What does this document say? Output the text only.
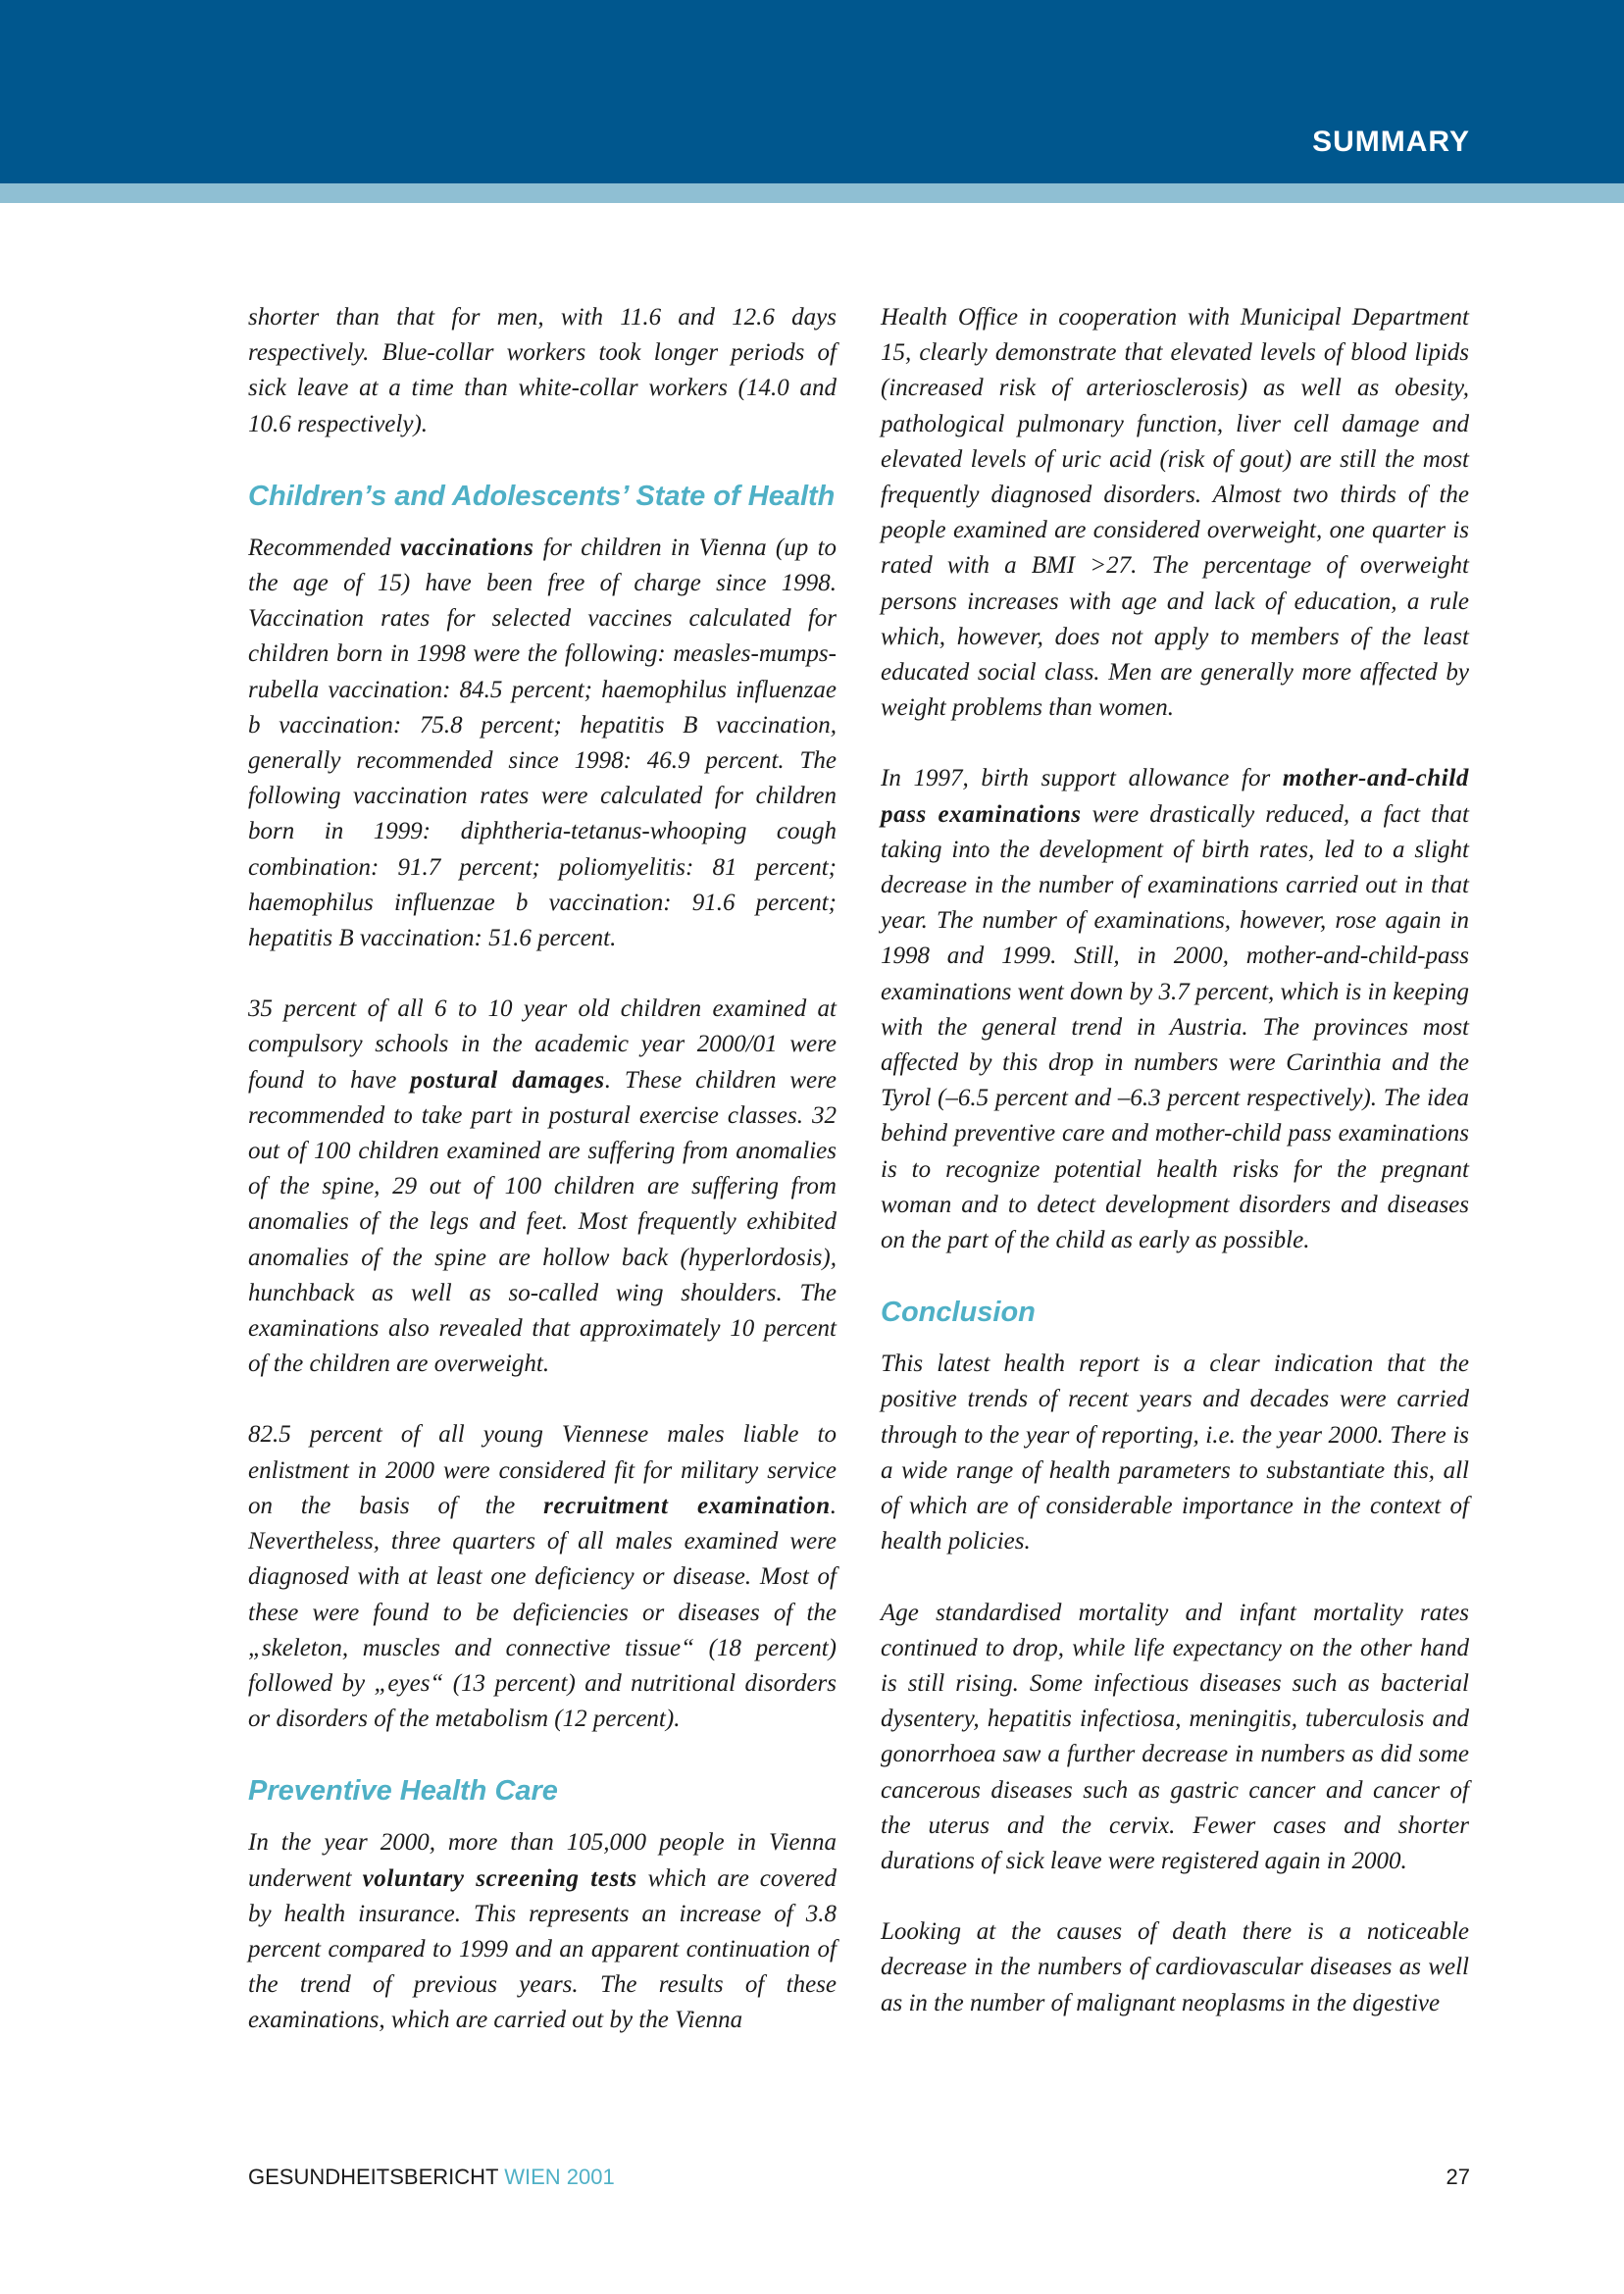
SUMMARY

shorter than that for men, with 11.6 and 12.6 days respectively. Blue-collar workers took longer periods of sick leave at a time than white-collar workers (14.0 and 10.6 respectively).

Children’s and Adolescents’ State of Health

Recommended vaccinations for children in Vienna (up to the age of 15) have been free of charge since 1998. Vaccination rates for selected vaccines calculated for children born in 1998 were the following: measles-mumps-rubella vaccination: 84.5 percent; haemophilus influenzae b vaccination: 75.8 percent; hepatitis B vaccination, generally recommended since 1998: 46.9 percent. The following vaccination rates were calculated for children born in 1999: diphtheria-tetanus-whooping cough combination: 91.7 percent; poliomyelitis: 81 percent; haemophilus influenzae b vaccination: 91.6 percent; hepatitis B vaccination: 51.6 percent.

35 percent of all 6 to 10 year old children examined at compulsory schools in the academic year 2000/01 were found to have postural damages. These children were recommended to take part in postural exercise classes. 32 out of 100 children examined are suffering from anomalies of the spine, 29 out of 100 children are suffering from anomalies of the legs and feet. Most frequently exhibited anomalies of the spine are hollow back (hyperlordosis), hunchback as well as so-called wing shoulders. The examinations also revealed that approximately 10 percent of the children are overweight.

82.5 percent of all young Viennese males liable to enlistment in 2000 were considered fit for military service on the basis of the recruitment examination. Nevertheless, three quarters of all males examined were diagnosed with at least one deficiency or disease. Most of these were found to be deficiencies or diseases of the „skeleton, muscles and connective tissue“ (18 percent) followed by „eyes“ (13 percent) and nutritional disorders or disorders of the metabolism (12 percent).

Preventive Health Care

In the year 2000, more than 105,000 people in Vienna underwent voluntary screening tests which are covered by health insurance. This represents an increase of 3.8 percent compared to 1999 and an apparent continuation of the trend of previous years. The results of these examinations, which are carried out by the Vienna

Health Office in cooperation with Municipal Department 15, clearly demonstrate that elevated levels of blood lipids (increased risk of arteriosclerosis) as well as obesity, pathological pulmonary function, liver cell damage and elevated levels of uric acid (risk of gout) are still the most frequently diagnosed disorders. Almost two thirds of the people examined are considered overweight, one quarter is rated with a BMI >27. The percentage of overweight persons increases with age and lack of education, a rule which, however, does not apply to members of the least educated social class. Men are generally more affected by weight problems than women.

In 1997, birth support allowance for mother-and-child pass examinations were drastically reduced, a fact that taking into the development of birth rates, led to a slight decrease in the number of examinations carried out in that year. The number of examinations, however, rose again in 1998 and 1999. Still, in 2000, mother-and-child-pass examinations went down by 3.7 percent, which is in keeping with the general trend in Austria. The provinces most affected by this drop in numbers were Carinthia and the Tyrol (–6.5 percent and –6.3 percent respectively). The idea behind preventive care and mother-child pass examinations is to recognize potential health risks for the pregnant woman and to detect development disorders and diseases on the part of the child as early as possible.

Conclusion

This latest health report is a clear indication that the positive trends of recent years and decades were carried through to the year of reporting, i.e. the year 2000. There is a wide range of health parameters to substantiate this, all of which are of considerable importance in the context of health policies.

Age standardised mortality and infant mortality rates continued to drop, while life expectancy on the other hand is still rising. Some infectious diseases such as bacterial dysentery, hepatitis infectiosa, meningitis, tuberculosis and gonorrhoea saw a further decrease in numbers as did some cancerous diseases such as gastric cancer and cancer of the uterus and the cervix. Fewer cases and shorter durations of sick leave were registered again in 2000.

Looking at the causes of death there is a noticeable decrease in the numbers of cardiovascular diseases as well as in the number of malignant neoplasms in the digestive

GESUNDHEITSBERICHT WIEN 2001	27
